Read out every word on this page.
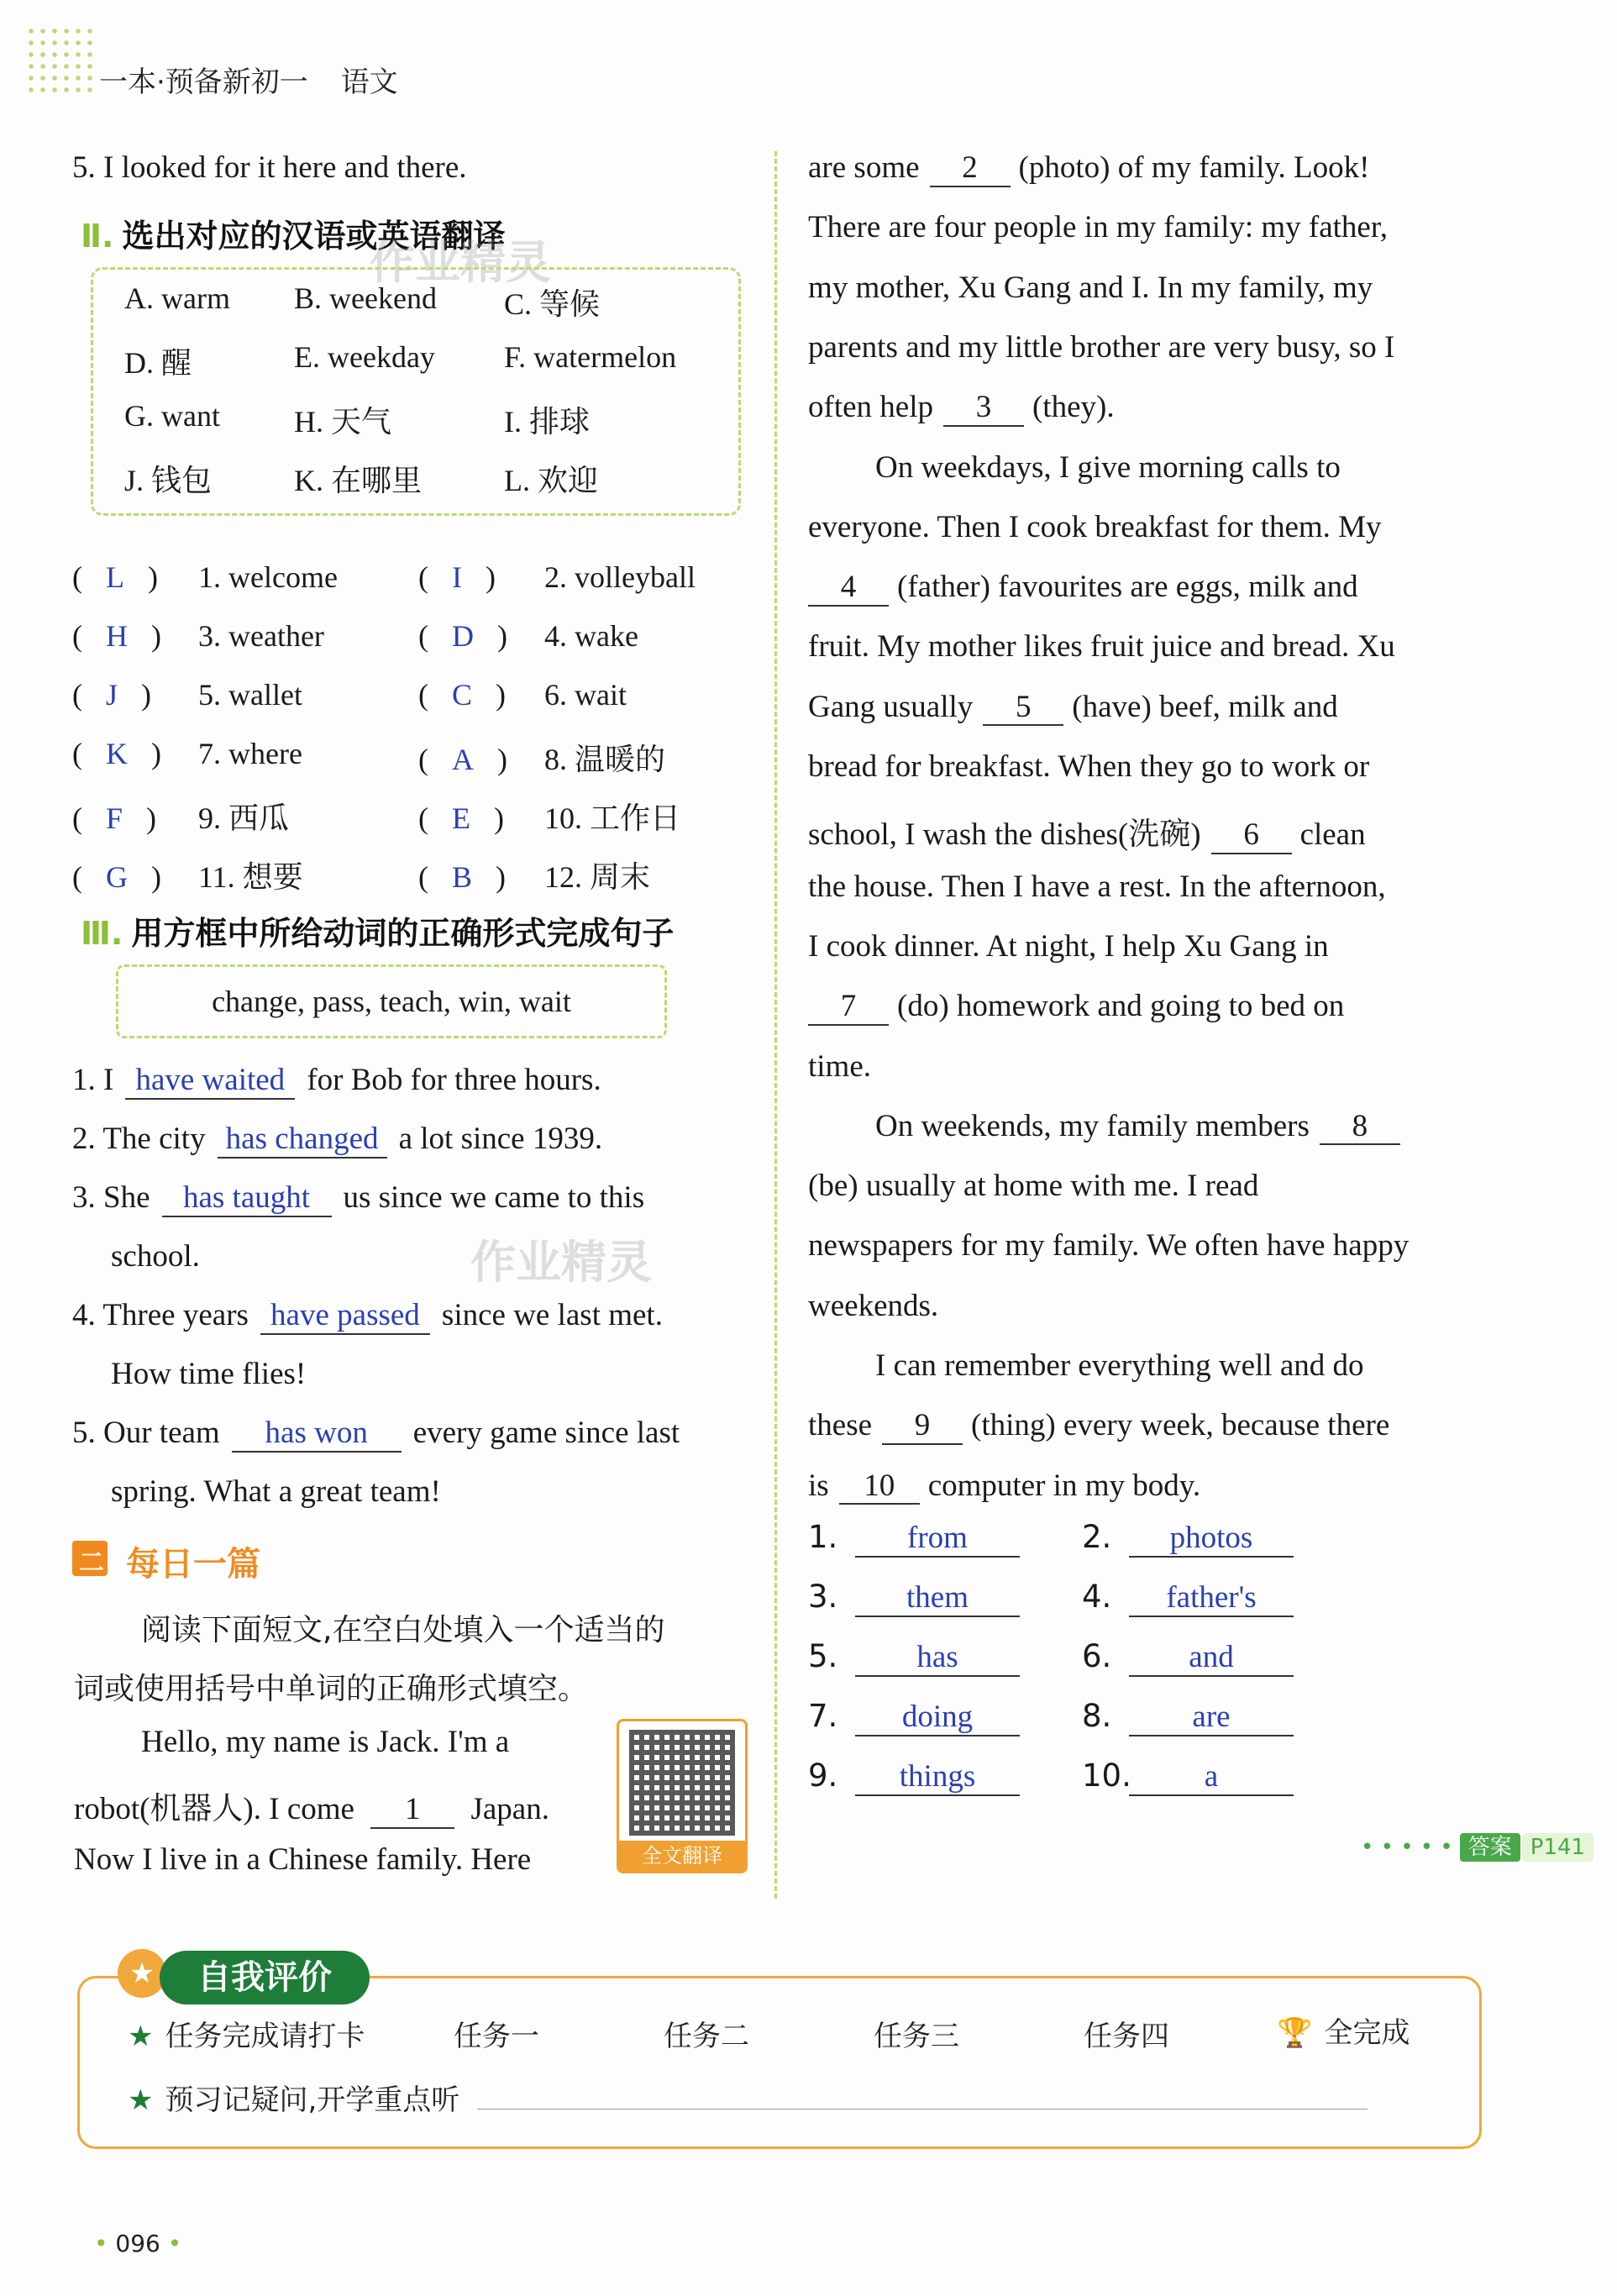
一本·预备新初一 语文
5. I looked for it here and there.
Ⅱ. 选出对应的汉语或英语翻译
作业精灵
A. warm B. weekend C. 等候
D. 醒	E. weekday F. watermelon
G. want H. 天气	I. 排球
J. 钱包	K. 在哪里	L. 欢迎
( L ) 1. welcome	( I ) 2. volleyball
( H ) 3. weather	( D ) 4. wake
( J ) 5. wallet	( C ) 6. wait
( K ) 7. where	( A ) 8. 温暖的
( F ) 9. 西瓜	( E ) 10. 工作日
( G ) 11. 想要	( B ) 12. 周末
Ⅲ. 用方框中所给动词的正确形式完成句子
change, pass, teach, win, wait
1. I have waited for Bob for three hours.
2. The city has changed a lot since 1939.
3. She has taught us since we came to this
school.
4. Three years have passed since we last met.
How time flies!
5. Our team has won every game since last
spring. What a great team!
作业精灵
二 每日一篇
阅读下面短文,在空白处填入一个适当的
词或使用括号中单词的正确形式填空。
Hello, my name is Jack. I'm a
robot(机器人). I come 1 Japan.
Now I live in a Chinese family. Here	全文翻译
are some 2 (photo) of my family. Look!
There are four people in my family: my father,
my mother, Xu Gang and I. In my family, my
parents and my little brother are very busy, so I
often help 3 (they).
On weekdays, I give morning calls to
everyone. Then I cook breakfast for them. My
4 (father) favourites are eggs, milk and
fruit. My mother likes fruit juice and bread. Xu
Gang usually 5 (have) beef, milk and
bread for breakfast. When they go to work or
school, I wash the dishes(洗碗) 6 clean
the house. Then I have a rest. In the afternoon,
I cook dinner. At night, I help Xu Gang in
7 (do) homework and going to bed on
time.
On weekends, my family members 8
(be) usually at home with me. I read
newspapers for my family. We often have happy
weekends.
I can remember everything well and do
these 9 (thing) every week, because there
is 10 computer in my body.
1. from	2. photos
3. them	4. father's
5.	has	6. and
7. doing	8.	are
9. things	10. a
• • • • • 答案 P141
★	自我评价
★ 任务完成请打卡	任务一	任务二	任务三	任务四	🏆 全完成
★ 预习记疑问,开学重点听
• 096 •
